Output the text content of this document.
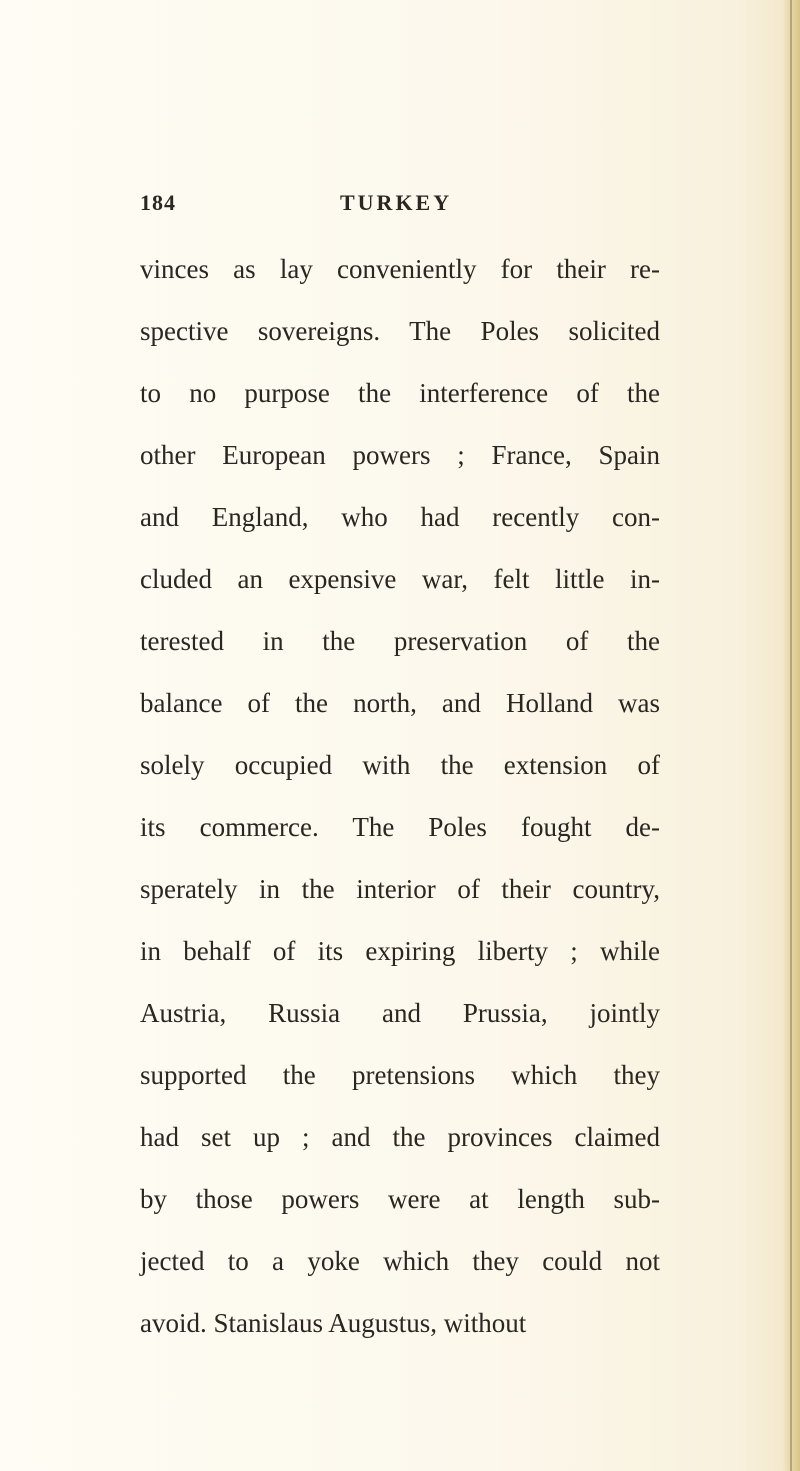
184	TURKEY
vinces as lay conveniently for their re-
spective sovereigns. The Poles solicited
to no purpose the interference of the
other European powers ; France, Spain
and England, who had recently con-
cluded an expensive war, felt little in-
terested in the preservation of the
balance of the north, and Holland was
solely occupied with the extension of
its commerce. The Poles fought de-
sperately in the interior of their country,
in behalf of its expiring liberty ; while
Austria, Russia and Prussia, jointly
supported the pretensions which they
had set up ; and the provinces claimed
by those powers were at length sub-
jected to a yoke which they could not
avoid. Stanislaus Augustus, without
